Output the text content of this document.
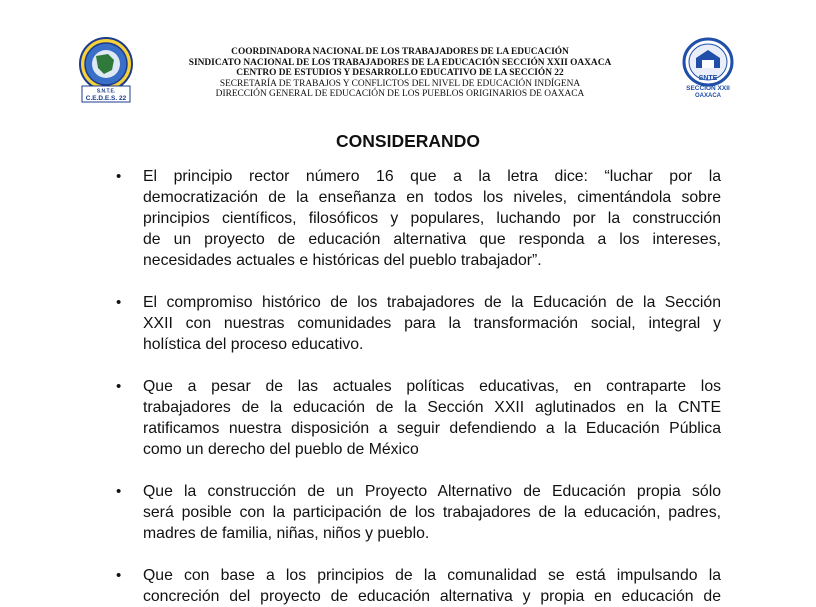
S.N.T.E.
C.E.D.E.S. 22
SNTE
SECCION XXII
OAXACA
COORDINADORA NACIONAL DE LOS TRABAJADORES DE LA EDUCACIÓN
SINDICATO NACIONAL DE LOS TRABAJADORES DE LA EDUCACIÓN SECCIÓN XXII OAXACA
CENTRO DE ESTUDIOS Y DESARROLLO EDUCATIVO DE LA SECCIÓN 22
SECRETARÍA DE TRABAJOS Y CONFLICTOS DEL NIVEL DE EDUCACIÓN INDÍGENA
DIRECCIÓN GENERAL DE EDUCACIÓN DE LOS PUEBLOS ORIGINARIOS DE OAXACA
CONSIDERANDO
• El principio rector número 16 que a la letra dice: “luchar por la
democratización de la enseñanza en todos los niveles, cimentándola sobre
principios científicos, filosóficos y populares, luchando por la construcción
de un proyecto de educación alternativa que responda a los intereses,
necesidades actuales e históricas del pueblo trabajador”.
• El compromiso histórico de los trabajadores de la Educación de la Sección
XXII con nuestras comunidades para la transformación social, integral y
holística del proceso educativo.
• Que a pesar de las actuales políticas educativas, en contraparte los
trabajadores de la educación de la Sección XXII aglutinados en la CNTE
ratificamos nuestra disposición a seguir defendiendo a la Educación Pública
como un derecho del pueblo de México
• Que la construcción de un Proyecto Alternativo de Educación propia sólo
será posible con la participación de los trabajadores de la educación, padres,
madres de familia, niñas, niños y pueblo.
• Que con base a los principios de la comunalidad se está impulsando la
concreción del proyecto de educación alternativa y propia en educación de
